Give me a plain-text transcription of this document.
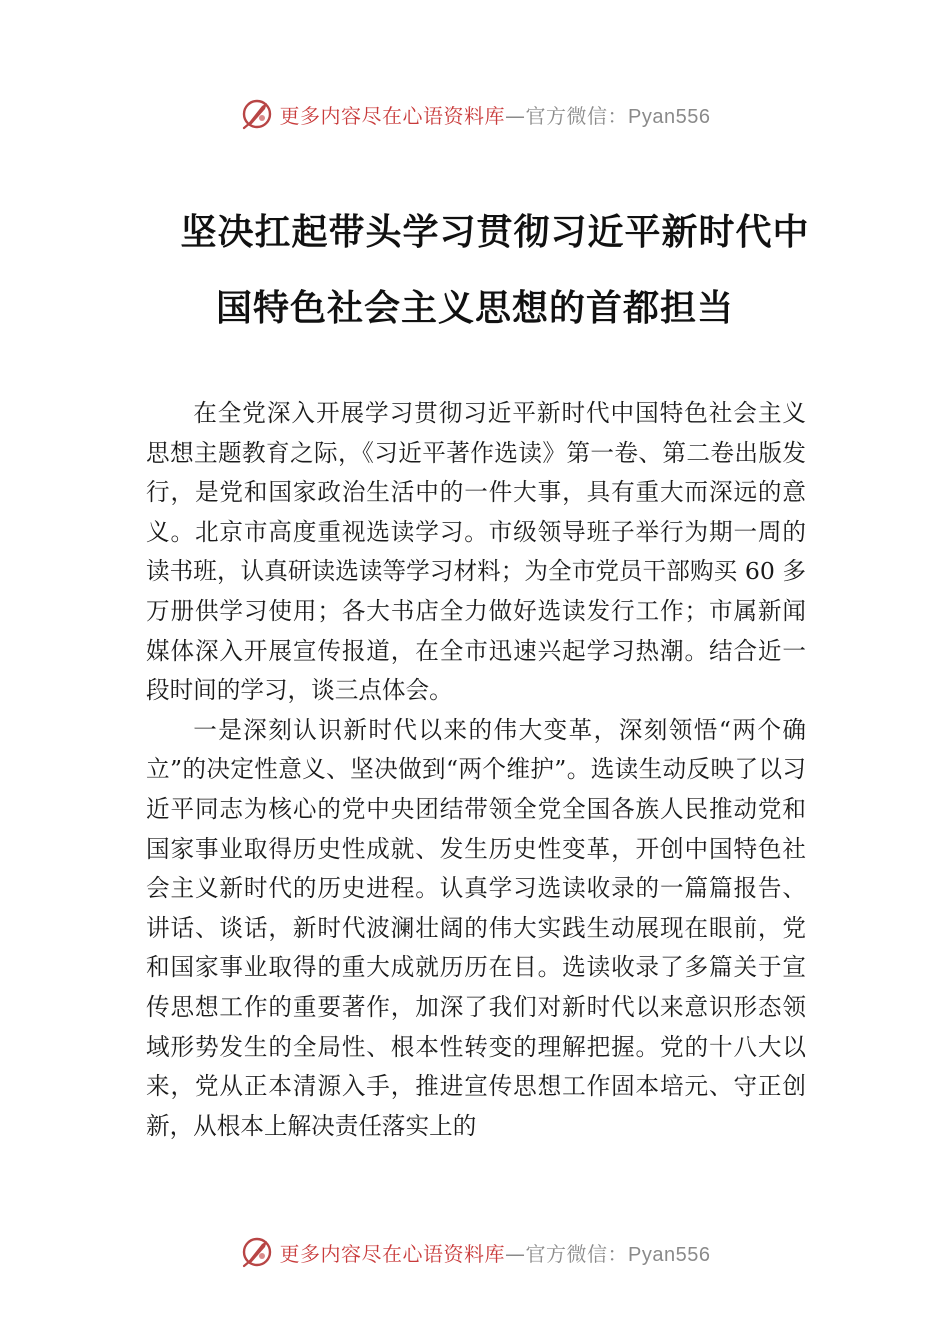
更多内容尽在心语资料库—官方微信：Pyan556
坚决扛起带头学习贯彻习近平新时代中
国特色社会主义思想的首都担当

在全党深入开展学习贯彻习近平新时代中国特色社会主义思想主题教育之际，《习近平著作选读》第一卷、第二卷出版发行，是党和国家政治生活中的一件大事，具有重大而深远的意义。北京市高度重视选读学习。市级领导班子举行为期一周的读书班，认真研读选读等学习材料；为全市党员干部购买 60 多万册供学习使用；各大书店全力做好选读发行工作；市属新闻媒体深入开展宣传报道，在全市迅速兴起学习热潮。结合近一段时间的学习，谈三点体会。

一是深刻认识新时代以来的伟大变革，深刻领悟“两个确立”的决定性意义、坚决做到“两个维护”。选读生动反映了以习近平同志为核心的党中央团结带领全党全国各族人民推动党和国家事业取得历史性成就、发生历史性变革，开创中国特色社会主义新时代的历史进程。认真学习选读收录的一篇篇报告、讲话、谈话，新时代波澜壮阔的伟大实践生动展现在眼前，党和国家事业取得的重大成就历历在目。选读收录了多篇关于宣传思想工作的重要著作，加深了我们对新时代以来意识形态领域形势发生的全局性、根本性转变的理解把握。党的十八大以来，党从正本清源入手，推进宣传思想工作固本培元、守正创新，从根本上解决责任落实上的

更多内容尽在心语资料库—官方微信：Pyan556
